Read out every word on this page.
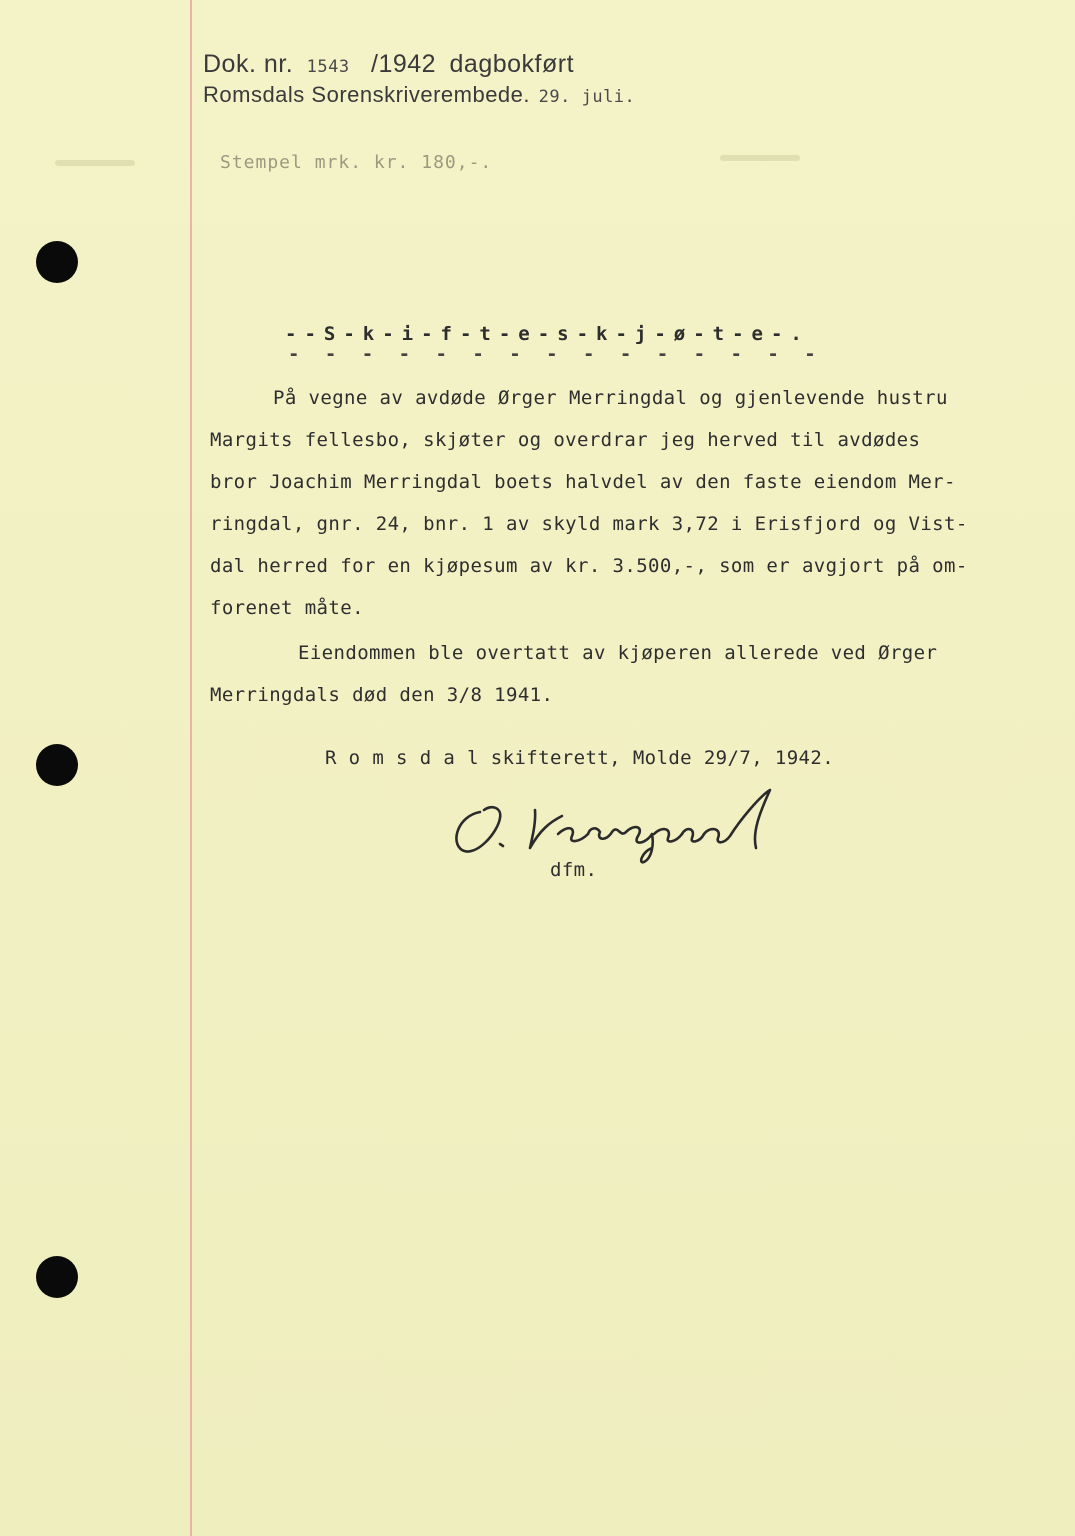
Dok. nr. 1543 /1942 dagbokført
Romsdals Sorenskriverembede. 29. juli.
Stempel mrk. kr. 180,-.
--S-k-i-f-t-e-s-k-j-ø-t-e-.
- - - - - - - - - - - - - - -
På vegne av avdøde Ørger Merringdal og gjenlevende hustru
Margits fellesbo, skjøter og overdrar jeg herved til avdødes
bror Joachim Merringdal boets halvdel av den faste eiendom Mer-
ringdal, gnr. 24, bnr. 1 av skyld mark 3,72 i Erisfjord og Vist-
dal herred for en kjøpesum av kr. 3.500,-, som er avgjort på om-
forenet måte.
Eiendommen ble overtatt av kjøperen allerede ved Ørger
Merringdals død den 3/8 1941.
R o m s d a l skifterett, Molde 29/7, 1942.
dfm.
